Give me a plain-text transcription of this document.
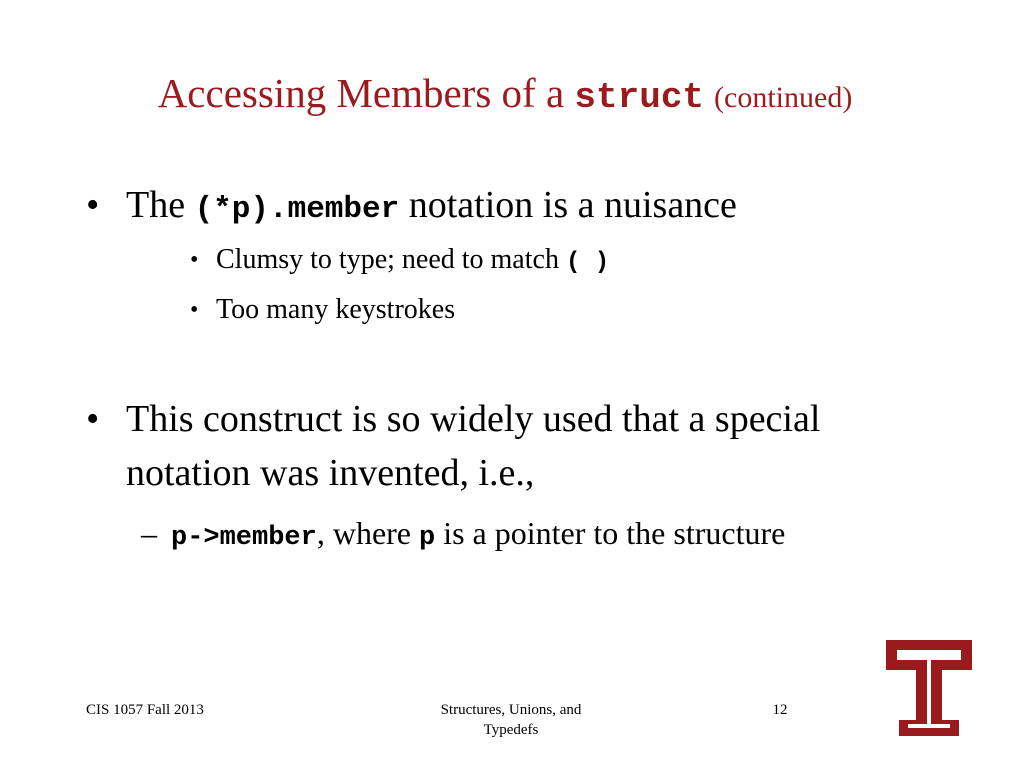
Accessing Members of a struct (continued)
• The (*p).member notation is a nuisance
• Clumsy to type; need to match ( )
• Too many keystrokes
• This construct is so widely used that a special notation was invented, i.e.,
– p->member, where p is a pointer to the structure
CIS 1057 Fall 2013	Structures, Unions, and Typedefs
12
